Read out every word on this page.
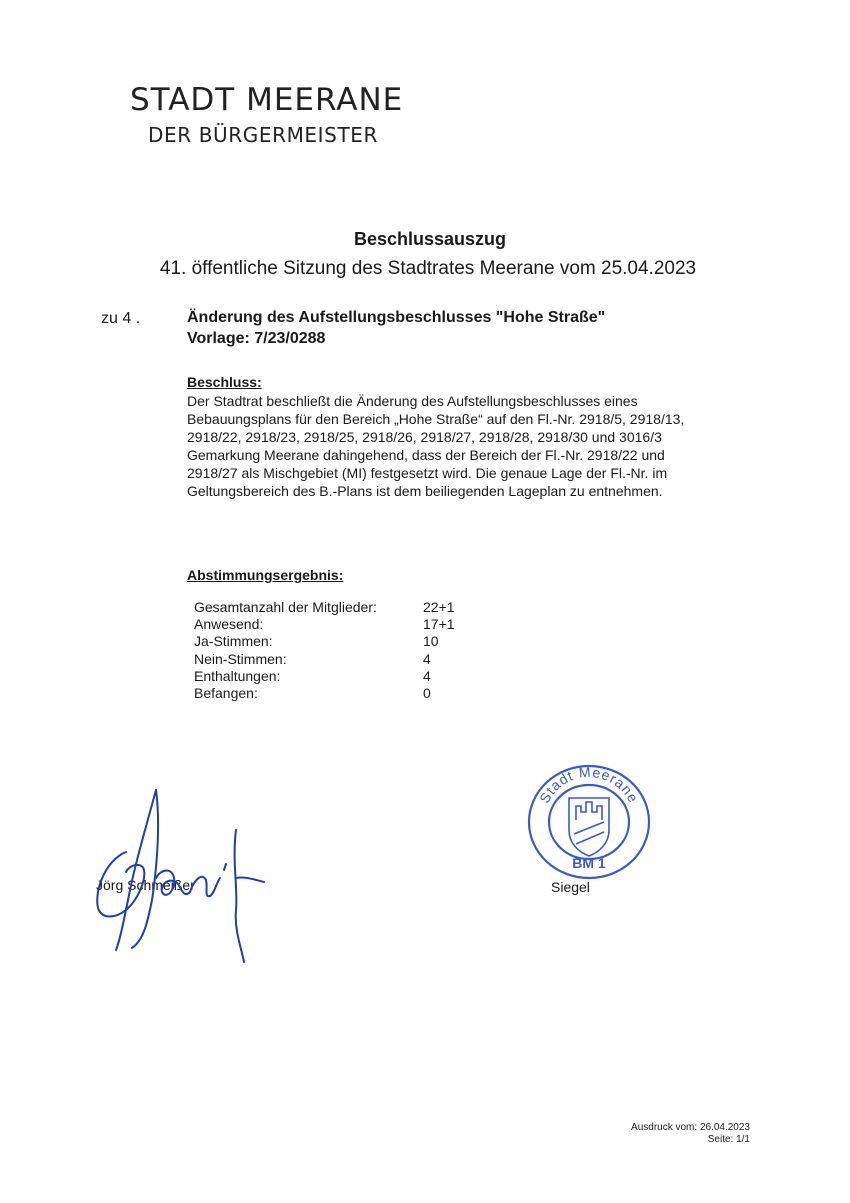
STADT MEERANE
DER BÜRGERMEISTER
Beschlussauszug
41. öffentliche Sitzung des Stadtrates Meerane vom 25.04.2023
zu 4 .	Änderung des Aufstellungsbeschlusses "Hohe Straße"
Vorlage: 7/23/0288
Beschluss:
Der Stadtrat beschließt die Änderung des Aufstellungsbeschlusses eines
Bebauungsplans für den Bereich „Hohe Straße“ auf den Fl.-Nr. 2918/5, 2918/13,
2918/22, 2918/23, 2918/25, 2918/26, 2918/27, 2918/28, 2918/30 und 3016/3
Gemarkung Meerane dahingehend, dass der Bereich der Fl.-Nr. 2918/22 und
2918/27 als Mischgebiet (MI) festgesetzt wird. Die genaue Lage der Fl.-Nr. im
Geltungsbereich des B.-Plans ist dem beiliegenden Lageplan zu entnehmen.
Abstimmungsergebnis:
Gesamtanzahl der Mitglieder:	22+1
Anwesend:	17+1
Ja-Stimmen:	10
Nein-Stimmen:	4
Enthaltungen:	4
Befangen:	0
Jörg Schmeißer
Stadt Meerane
BM 1
Siegel
Ausdruck vom: 26.04.2023
Seite: 1/1
